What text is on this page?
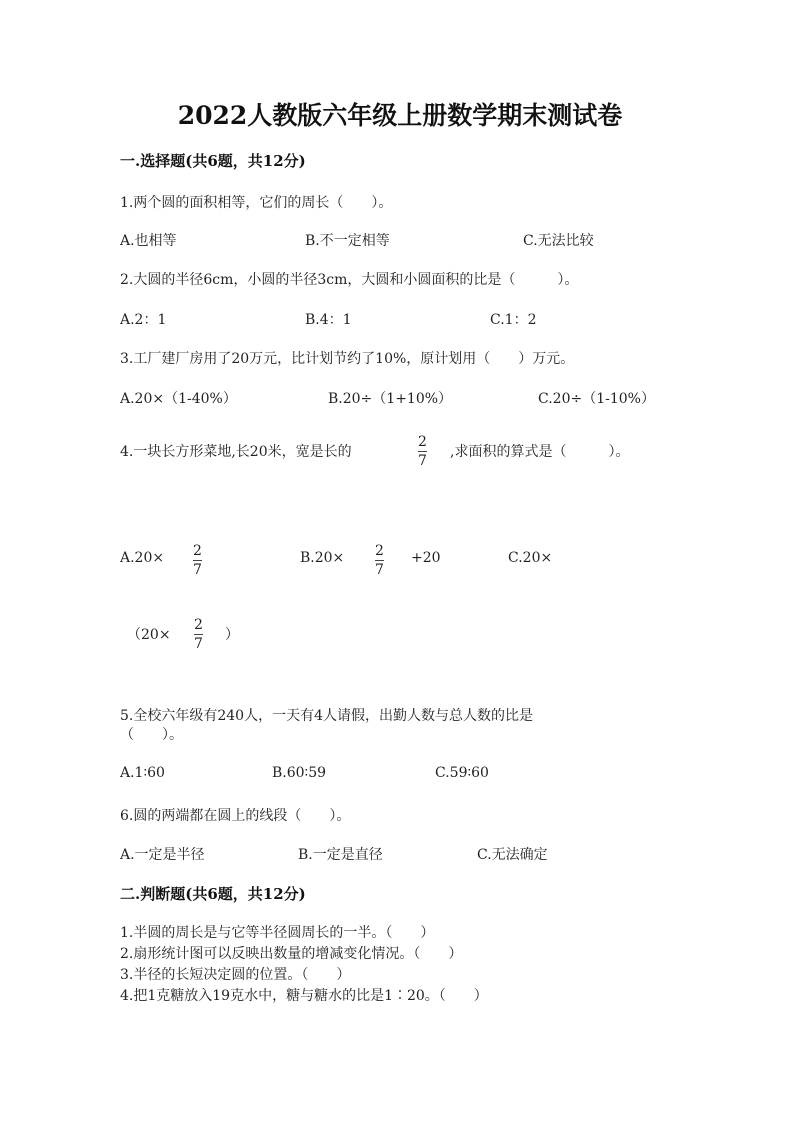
2022人教版六年级上册数学期末测试卷
一.选择题(共6题，共12分)
1.两个圆的面积相等，它们的周长（　　）。
A.也相等	B.不一定相等	C.无法比较
2.大圆的半径6cm，小圆的半径3cm，大圆和小圆面积的比是（　　　）。
A.2：1	B.4：1	C.1：2
3.工厂建厂房用了20万元，比计划节约了10%，原计划用（　　）万元。
A.20×（1-40%）	B.20÷（1+10%）	C.20÷（1-10%）
4.一块长方形菜地,长20米，宽是长的
2
7
,求面积的算式是（　　　）。
A.20× 2
7
B.20× 2
7
+20	C.20×
（20×
2
7
）
5.全校六年级有240人，一天有4人请假，出勤人数与总人数的比是
（　　）。
A.1∶60	B.60∶59	C.59∶60
6.圆的两端都在圆上的线段（　　）。
A.一定是半径	B.一定是直径	C.无法确定
二.判断题(共6题，共12分)
1.半圆的周长是与它等半径圆周长的一半。（　　）
2.扇形统计图可以反映出数量的增减变化情况。（　　）
3.半径的长短决定圆的位置。（　　）
4.把1克糖放入19克水中，糖与糖水的比是1∶20。（　　）
